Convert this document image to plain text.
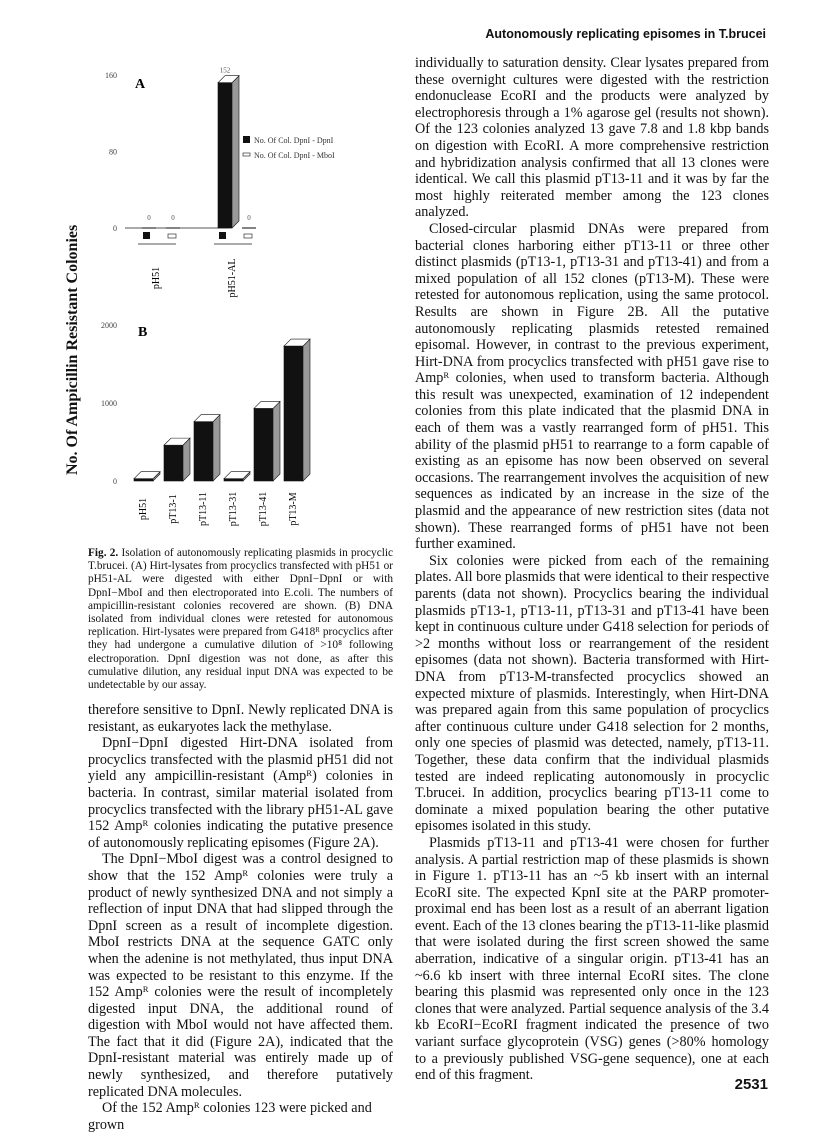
Autonomously replicating episomes in T.brucei
No. Of Ampicillin Resistant Colonies
A
0
80
160
0	0
pH51
152
0
pH51-AL
No. Of Col. DpnI - DpnI
No. Of Col. DpnI - MboI
B
0
1000
2000
pH51 pT13-1 pT13-11 pT13-31 pT13-41 pT13-M
Fig. 2. Isolation of autonomously replicating plasmids in procyclic T.brucei. (A) Hirt-lysates from procyclics transfected with pH51 or pH51-AL were digested with either DpnI−DpnI or with DpnI−MboI and then electroporated into E.coli. The numbers of ampicillin-resistant colonies recovered are shown. (B) DNA isolated from individual clones were retested for autonomous replication. Hirt-lysates were prepared from G418ᴿ procyclics after they had undergone a cumulative dilution of >10⁸ following electroporation. DpnI digestion was not done, as after this cumulative dilution, any residual input DNA was expected to be undetectable by our assay.

therefore sensitive to DpnI. Newly replicated DNA is resistant, as eukaryotes lack the methylase.

DpnI−DpnI digested Hirt-DNA isolated from procyclics transfected with the plasmid pH51 did not yield any ampicillin-resistant (Ampᴿ) colonies in bacteria. In contrast, similar material isolated from procyclics transfected with the library pH51-AL gave 152 Ampᴿ colonies indicating the putative presence of autonomously replicating episomes (Figure 2A).

The DpnI−MboI digest was a control designed to show that the 152 Ampᴿ colonies were truly a product of newly synthesized DNA and not simply a reflection of input DNA that had slipped through the DpnI screen as a result of incomplete digestion. MboI restricts DNA at the sequence GATC only when the adenine is not methylated, thus input DNA was expected to be resistant to this enzyme. If the 152 Ampᴿ colonies were the result of incompletely digested input DNA, the additional round of digestion with MboI would not have affected them. The fact that it did (Figure 2A), indicated that the DpnI-resistant material was entirely made up of newly synthesized, and therefore putatively replicated DNA molecules.

Of the 152 Ampᴿ colonies 123 were picked and grown

individually to saturation density. Clear lysates prepared from these overnight cultures were digested with the restriction endonuclease EcoRI and the products were analyzed by electrophoresis through a 1% agarose gel (results not shown). Of the 123 colonies analyzed 13 gave 7.8 and 1.8 kbp bands on digestion with EcoRI. A more comprehensive restriction and hybridization analysis confirmed that all 13 clones were identical. We call this plasmid pT13-11 and it was by far the most highly reiterated member among the 123 clones analyzed.

Closed-circular plasmid DNAs were prepared from bacterial clones harboring either pT13-11 or three other distinct plasmids (pT13-1, pT13-31 and pT13-41) and from a mixed population of all 152 clones (pT13-M). These were retested for autonomous replication, using the same protocol. Results are shown in Figure 2B. All the putative autonomously replicating plasmids retested remained episomal. However, in contrast to the previous experiment, Hirt-DNA from procyclics transfected with pH51 gave rise to Ampᴿ colonies, when used to transform bacteria. Although this result was unexpected, examination of 12 independent colonies from this plate indicated that the plasmid DNA in each of them was a vastly rearranged form of pH51. This ability of the plasmid pH51 to rearrange to a form capable of existing as an episome has now been observed on several occasions. The rearrangement involves the acquisition of new sequences as indicated by an increase in the size of the plasmid and the appearance of new restriction sites (data not shown). These rearranged forms of pH51 have not been further examined.

Six colonies were picked from each of the remaining plates. All bore plasmids that were identical to their respective parents (data not shown). Procyclics bearing the individual plasmids pT13-1, pT13-11, pT13-31 and pT13-41 have been kept in continuous culture under G418 selection for periods of >2 months without loss or rearrangement of the resident episomes (data not shown). Bacteria transformed with Hirt-DNA from pT13-M-transfected procyclics showed an expected mixture of plasmids. Interestingly, when Hirt-DNA was prepared again from this same population of procyclics after continuous culture under G418 selection for 2 months, only one species of plasmid was detected, namely, pT13-11. Together, these data confirm that the individual plasmids tested are indeed replicating autonomously in procyclic T.brucei. In addition, procyclics bearing pT13-11 come to dominate a mixed population bearing the other putative episomes isolated in this study.

Plasmids pT13-11 and pT13-41 were chosen for further analysis. A partial restriction map of these plasmids is shown in Figure 1. pT13-11 has an ~5 kb insert with an internal EcoRI site. The expected KpnI site at the PARP promoter-proximal end has been lost as a result of an aberrant ligation event. Each of the 13 clones bearing the pT13-11-like plasmid that were isolated during the first screen showed the same aberration, indicative of a singular origin. pT13-41 has an ~6.6 kb insert with three internal EcoRI sites. The clone bearing this plasmid was represented only once in the 123 clones that were analyzed. Partial sequence analysis of the 3.4 kb EcoRI−EcoRI fragment indicated the presence of two variant surface glycoprotein (VSG) genes (>80% homology to a previously published VSG-gene sequence), one at each end of this fragment.

2531
